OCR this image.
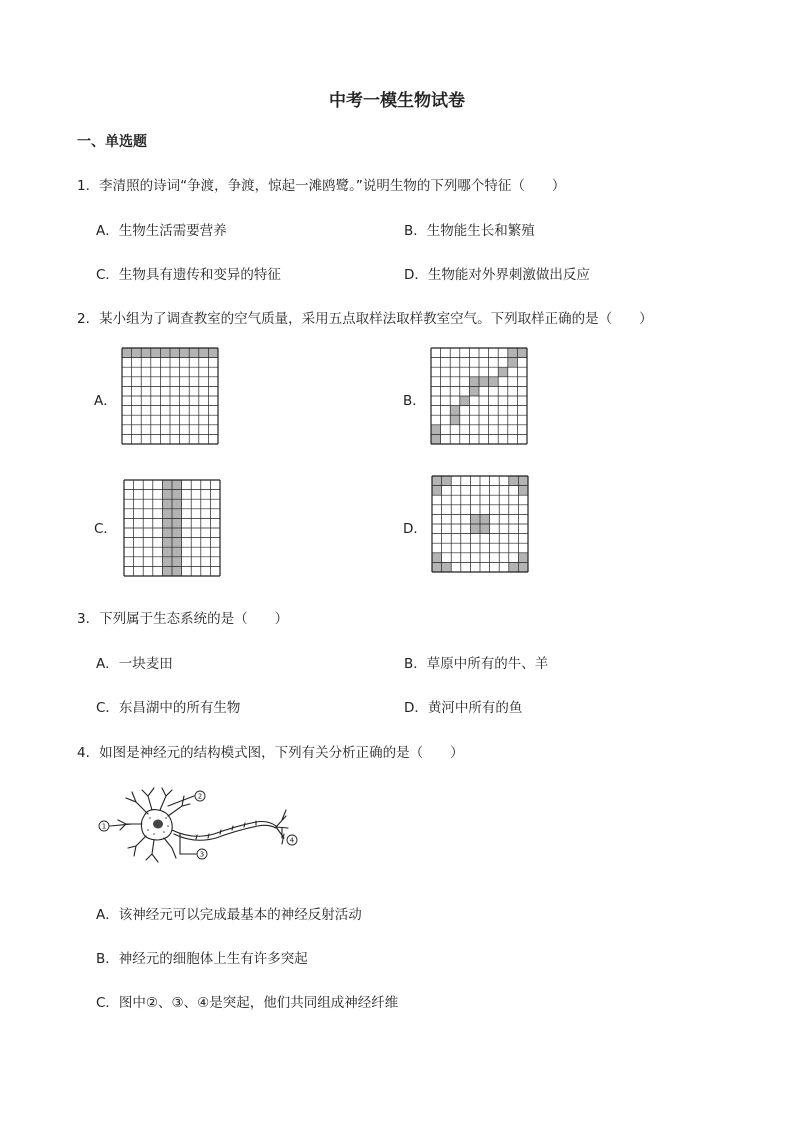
中考一模生物试卷
一、单选题
1．李清照的诗词“争渡，争渡，惊起一滩鸥鹭。”说明生物的下列哪个特征（　　）
A．生物生活需要营养	B．生物能生长和繁殖
C．生物具有遗传和变异的特征	D．生物能对外界刺激做出反应
2．某小组为了调查教室的空气质量，采用五点取样法取样教室空气。下列取样正确的是（　　）
A．	B．
C．	D．
3．下列属于生态系统的是（　　）
A．一块麦田	B．草原中所有的牛、羊
C．东昌湖中的所有生物	D．黄河中所有的鱼
4．如图是神经元的结构模式图，下列有关分析正确的是（　　）
1
2
3
4
A．该神经元可以完成最基本的神经反射活动
B．神经元的细胞体上生有许多突起
C．图中②、③、④是突起，他们共同组成神经纤维
